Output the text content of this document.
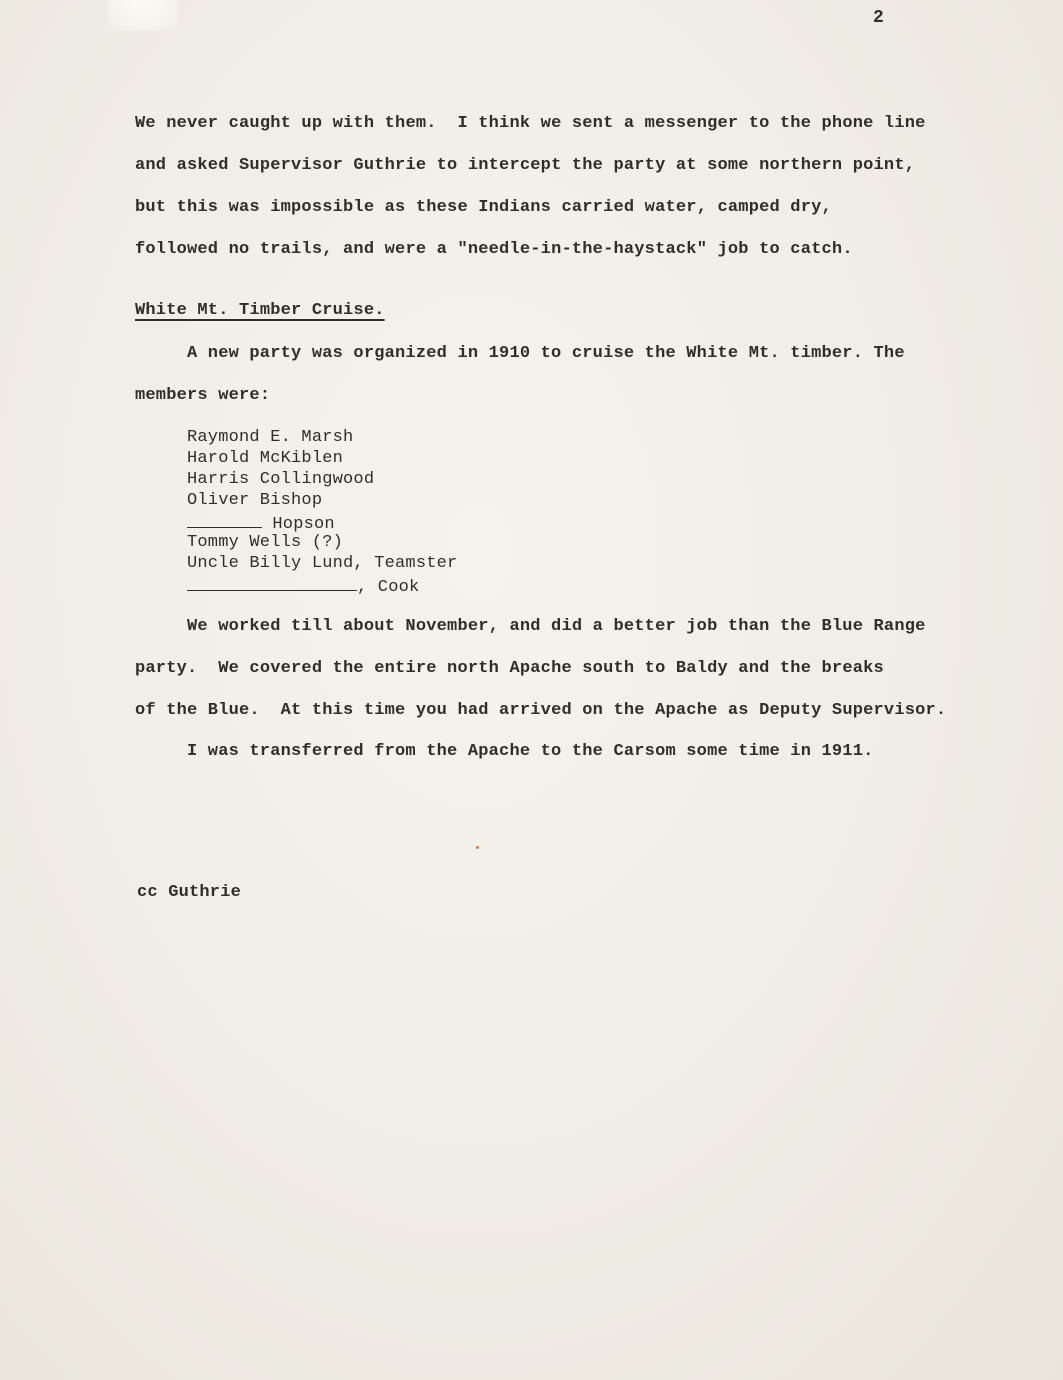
2
We never caught up with them.  I think we sent a messenger to the phone line
and asked Supervisor Guthrie to intercept the party at some northern point,
but this was impossible as these Indians carried water, camped dry,
followed no trails, and were a "needle-in-the-haystack" job to catch.
White Mt. Timber Cruise.
A new party was organized in 1910 to cruise the White Mt. timber. The
members were:
Raymond E. Marsh
Harold McKiblen
Harris Collingwood
Oliver Bishop
Hopson
Tommy Wells (?)
Uncle Billy Lund, Teamster
, Cook
We worked till about November, and did a better job than the Blue Range
party.  We covered the entire north Apache south to Baldy and the breaks
of the Blue.  At this time you had arrived on the Apache as Deputy Supervisor.
I was transferred from the Apache to the Carsom some time in 1911.
cc Guthrie
